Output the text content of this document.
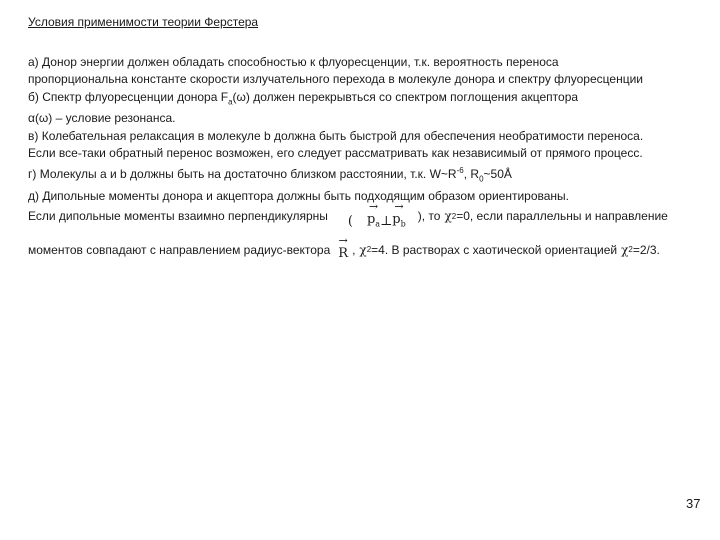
Условия применимости теории Ферстера
а) Донор энергии должен обладать способностью к флуоресценции, т.к. вероятность переноса
пропорциональна константе скорости излучательного перехода в молекуле донора и спектру флуоресценции
б) Спектр флуоресценции донора $F_a(\omega)$ должен перекрывться со спектром поглощения акцептора
α(ω) – условие резонанса.
в) Колебательная релаксация в молекуле b должна быть быстрой для обеспечения необратимости переноса.
Если все-таки обратный перенос возможен, его следует рассматривать как независимый от прямого процесс.
г) Молекулы a и b должны быть на достаточно близком расстоянии, т.к. $W\sim R^{-6}$, $R_0\sim 50Å$
д) Дипольные моменты донора и акцептора должны быть подходящим образом ориентированы.
Если дипольные моменты взаимно перпендикулярны ( → $p_a$ ⊥ → $p_b$
), то χ 2 =0, если параллельны и направление
моментов совпадают с направлением радиус-вектора → R , χ 2 =4. В растворах с хаотической ориентацией χ 2 =2/3.
37
